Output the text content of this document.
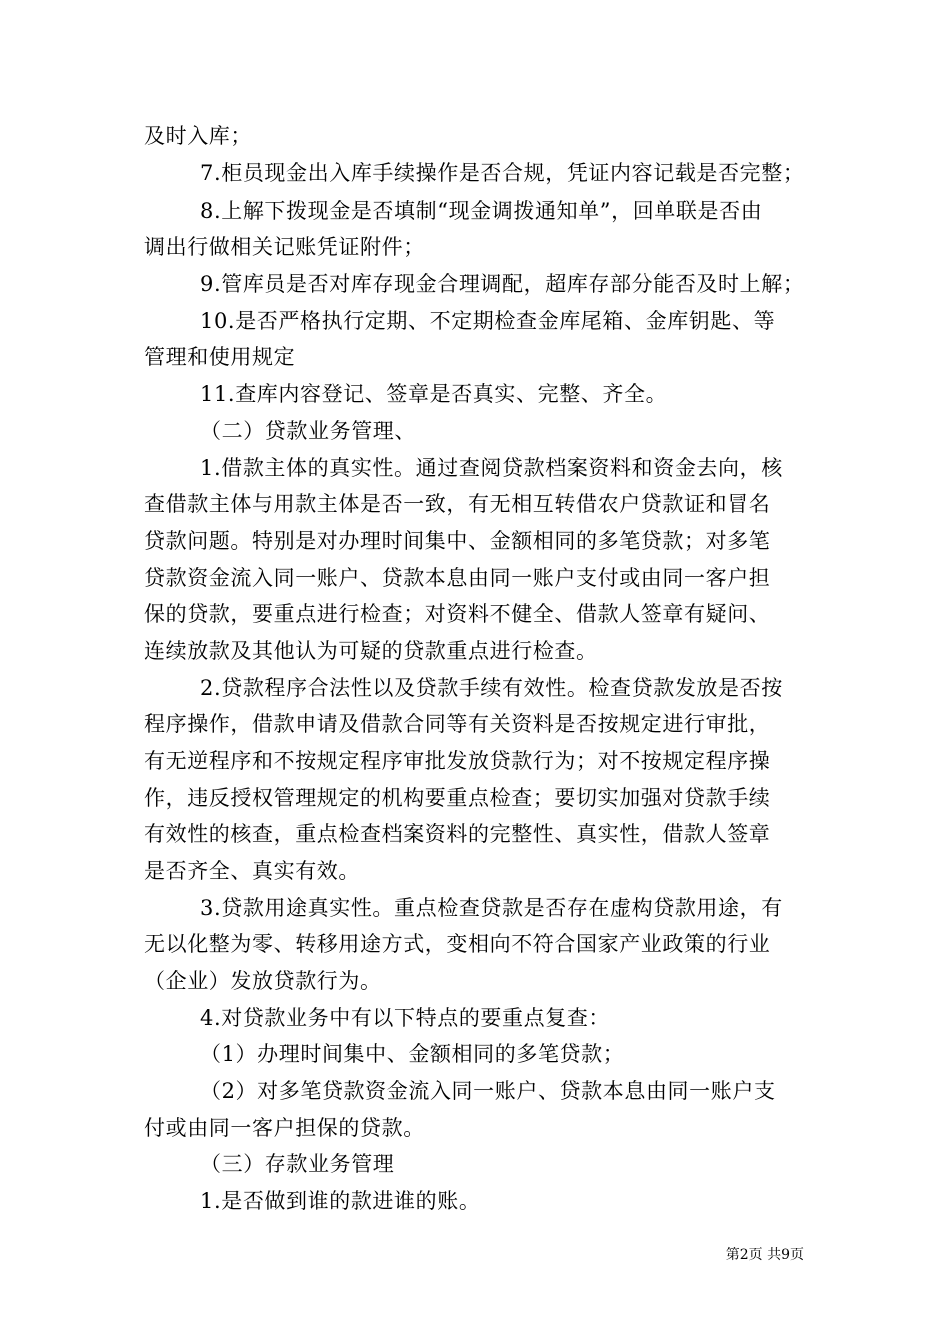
及时入库；
7.柜员现金出入库手续操作是否合规，凭证内容记载是否完整；
8.上解下拨现金是否填制“现金调拨通知单”，回单联是否由
调出行做相关记账凭证附件；
9.管库员是否对库存现金合理调配，超库存部分能否及时上解；
10.是否严格执行定期、不定期检查金库尾箱、金库钥匙、等
管理和使用规定
11.查库内容登记、签章是否真实、完整、齐全。
（二）贷款业务管理、
1.借款主体的真实性。通过查阅贷款档案资料和资金去向，核
查借款主体与用款主体是否一致，有无相互转借农户贷款证和冒名
贷款问题。特别是对办理时间集中、金额相同的多笔贷款；对多笔
贷款资金流入同一账户、贷款本息由同一账户支付或由同一客户担
保的贷款，要重点进行检查；对资料不健全、借款人签章有疑问、
连续放款及其他认为可疑的贷款重点进行检查。
2.贷款程序合法性以及贷款手续有效性。检查贷款发放是否按
程序操作，借款申请及借款合同等有关资料是否按规定进行审批，
有无逆程序和不按规定程序审批发放贷款行为；对不按规定程序操
作，违反授权管理规定的机构要重点检查；要切实加强对贷款手续
有效性的核查，重点检查档案资料的完整性、真实性，借款人签章
是否齐全、真实有效。
3.贷款用途真实性。重点检查贷款是否存在虚构贷款用途，有
无以化整为零、转移用途方式，变相向不符合国家产业政策的行业
（企业）发放贷款行为。
4.对贷款业务中有以下特点的要重点复查：
（1）办理时间集中、金额相同的多笔贷款；
（2）对多笔贷款资金流入同一账户、贷款本息由同一账户支
付或由同一客户担保的贷款。
（三）存款业务管理
1.是否做到谁的款进谁的账。
第2页 共9页
